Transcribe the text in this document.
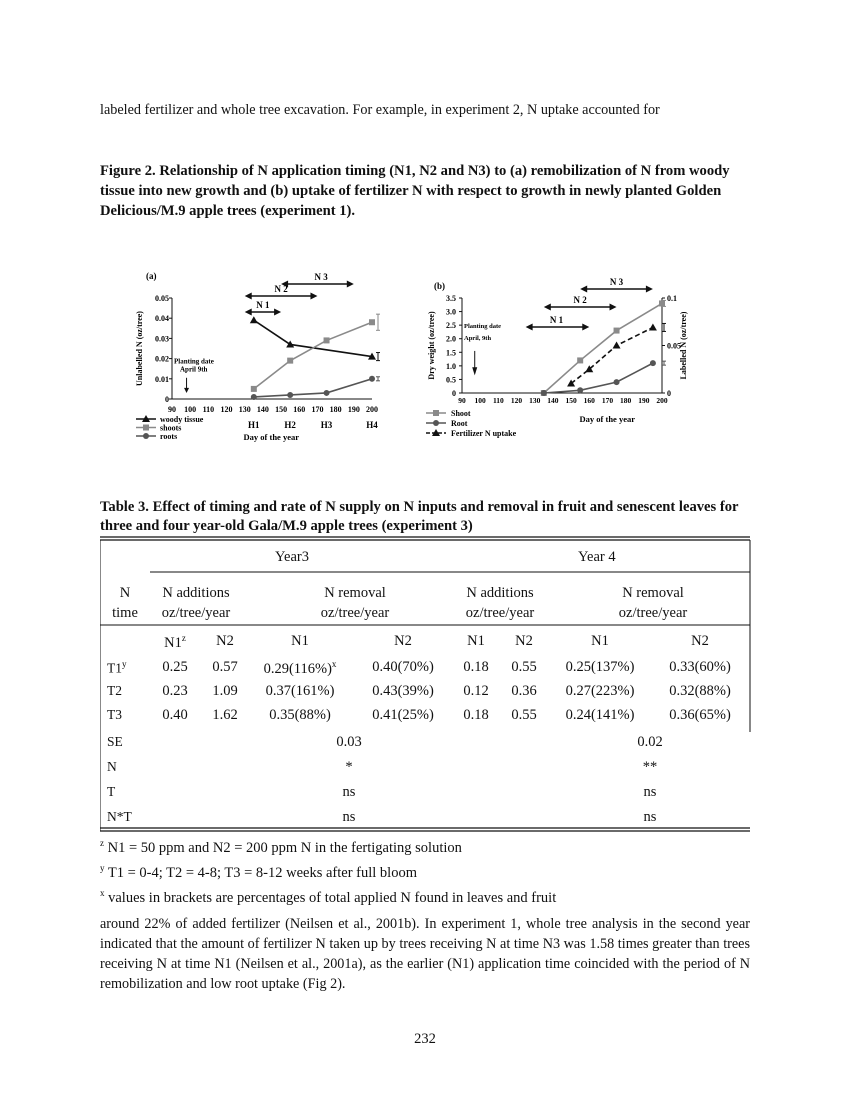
labeled fertilizer and whole tree excavation. For example, in experiment 2, N uptake accounted for
Figure 2. Relationship of N application timing (N1, N2 and N3) to (a) remobilization of N from woody tissue into new growth and (b) uptake of fertilizer N with respect to growth in newly planted Golden Delicious/M.9 apple trees (experiment 1).
(a)
0
0.01
0.02
0.03
0.04
0.05
90 100 110 120 130 140 150 160 170 180 190 200
H1	H2	H3	H4
Day of the year
Unlabelled N (oz/tree)
N 3
N 2
N 1
Planting date
April 9th
woody tissue
shoots
roots
(b)
0
0.5
1.0
1.5
2.0
2.5
3.0
3.5
0
0.05
0.1
90 100 110 120 130 140 150 160 170 180 190 200
Day of the year
Dry weight (oz/tree)	Labelled N (oz/tree)
N 3
N 2
N 1
Planting date
April, 9th
Shoot
Root
Fertilizer N uptake
Table 3. Effect of timing and rate of N supply on N inputs and removal in fruit and senescent leaves for three and four year-old Gala/M.9 apple trees (experiment 3)
Year3	Year 4
N
time
N additions
oz/tree/year
N removal
oz/tree/year
N additions
oz/tree/year
N removal
oz/tree/year
N1$^z$	N2	N1	N2	N1	N2	N1	N2
T1$^y$	0.25	0.57	$0.29(116\%)^x$	0.40(70%)	0.18	0.55	0.25(137%)	0.33(60%)
T2	0.23	1.09	0.37(161%)	0.43(39%)	0.12	0.36	0.27(223%)	0.32(88%)
T3	0.40	1.62	0.35(88%)	0.41(25%)	0.18	0.55	0.24(141%)	0.36(65%)
SE	0.03	0.02
N	*	**
T	ns	ns
N*T	ns	ns
$^z$ N1 = 50 ppm and N2 = 200 ppm N in the fertigating solution
$^y$ T1 = 0-4; T2 = 4-8; T3 = 8-12 weeks after full bloom
$^x$ values in brackets are percentages of total applied N found in leaves and fruit
around 22% of added fertilizer (Neilsen et al., 2001b). In experiment 1, whole tree analysis in the second year indicated that the amount of fertilizer N taken up by trees receiving N at time N3 was 1.58 times greater than trees receiving N at time N1 (Neilsen et al., 2001a), as the earlier (N1) application time coincided with the period of N remobilization and low root uptake (Fig 2).
232
